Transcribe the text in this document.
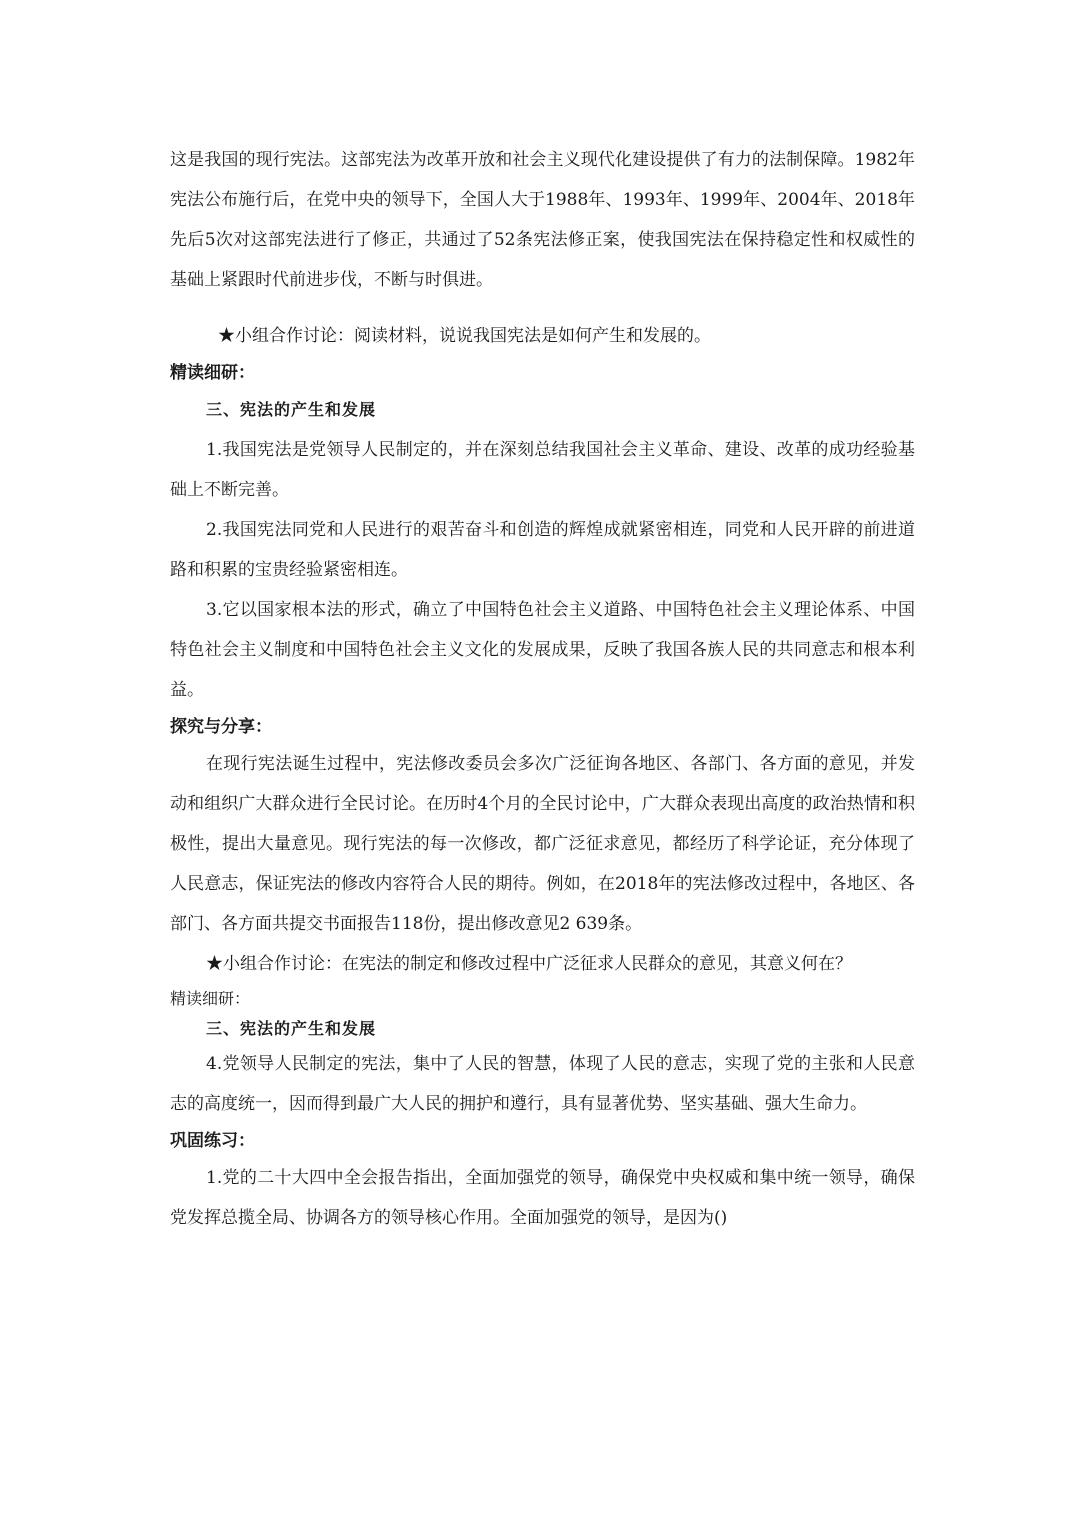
这是我国的现行宪法。这部宪法为改革开放和社会主义现代化建设提供了有力的法制保障。1982年宪法公布施行后，在党中央的领导下，全国人大于1988年、1993年、1999年、2004年、2018年先后5次对这部宪法进行了修正，共通过了52条宪法修正案，使我国宪法在保持稳定性和权威性的基础上紧跟时代前进步伐，不断与时俱进。

★小组合作讨论：阅读材料，说说我国宪法是如何产生和发展的。

精读细研：

三、宪法的产生和发展

1.我国宪法是党领导人民制定的，并在深刻总结我国社会主义革命、建设、改革的成功经验基础上不断完善。

2.我国宪法同党和人民进行的艰苦奋斗和创造的辉煌成就紧密相连，同党和人民开辟的前进道路和积累的宝贵经验紧密相连。

3.它以国家根本法的形式，确立了中国特色社会主义道路、中国特色社会主义理论体系、中国特色社会主义制度和中国特色社会主义文化的发展成果，反映了我国各族人民的共同意志和根本利益。

探究与分享：

在现行宪法诞生过程中，宪法修改委员会多次广泛征询各地区、各部门、各方面的意见，并发动和组织广大群众进行全民讨论。在历时4个月的全民讨论中，广大群众表现出高度的政治热情和积极性，提出大量意见。现行宪法的每一次修改，都广泛征求意见，都经历了科学论证，充分体现了人民意志，保证宪法的修改内容符合人民的期待。例如，在2018年的宪法修改过程中，各地区、各部门、各方面共提交书面报告118份，提出修改意见2 639条。

★小组合作讨论：在宪法的制定和修改过程中广泛征求人民群众的意见，其意义何在？

精读细研：

三、宪法的产生和发展

4.党领导人民制定的宪法，集中了人民的智慧，体现了人民的意志，实现了党的主张和人民意志的高度统一，因而得到最广大人民的拥护和遵行，具有显著优势、坚实基础、强大生命力。

巩固练习：

1.党的二十大四中全会报告指出，全面加强党的领导，确保党中央权威和集中统一领导，确保党发挥总揽全局、协调各方的领导核心作用。全面加强党的领导，是因为()
